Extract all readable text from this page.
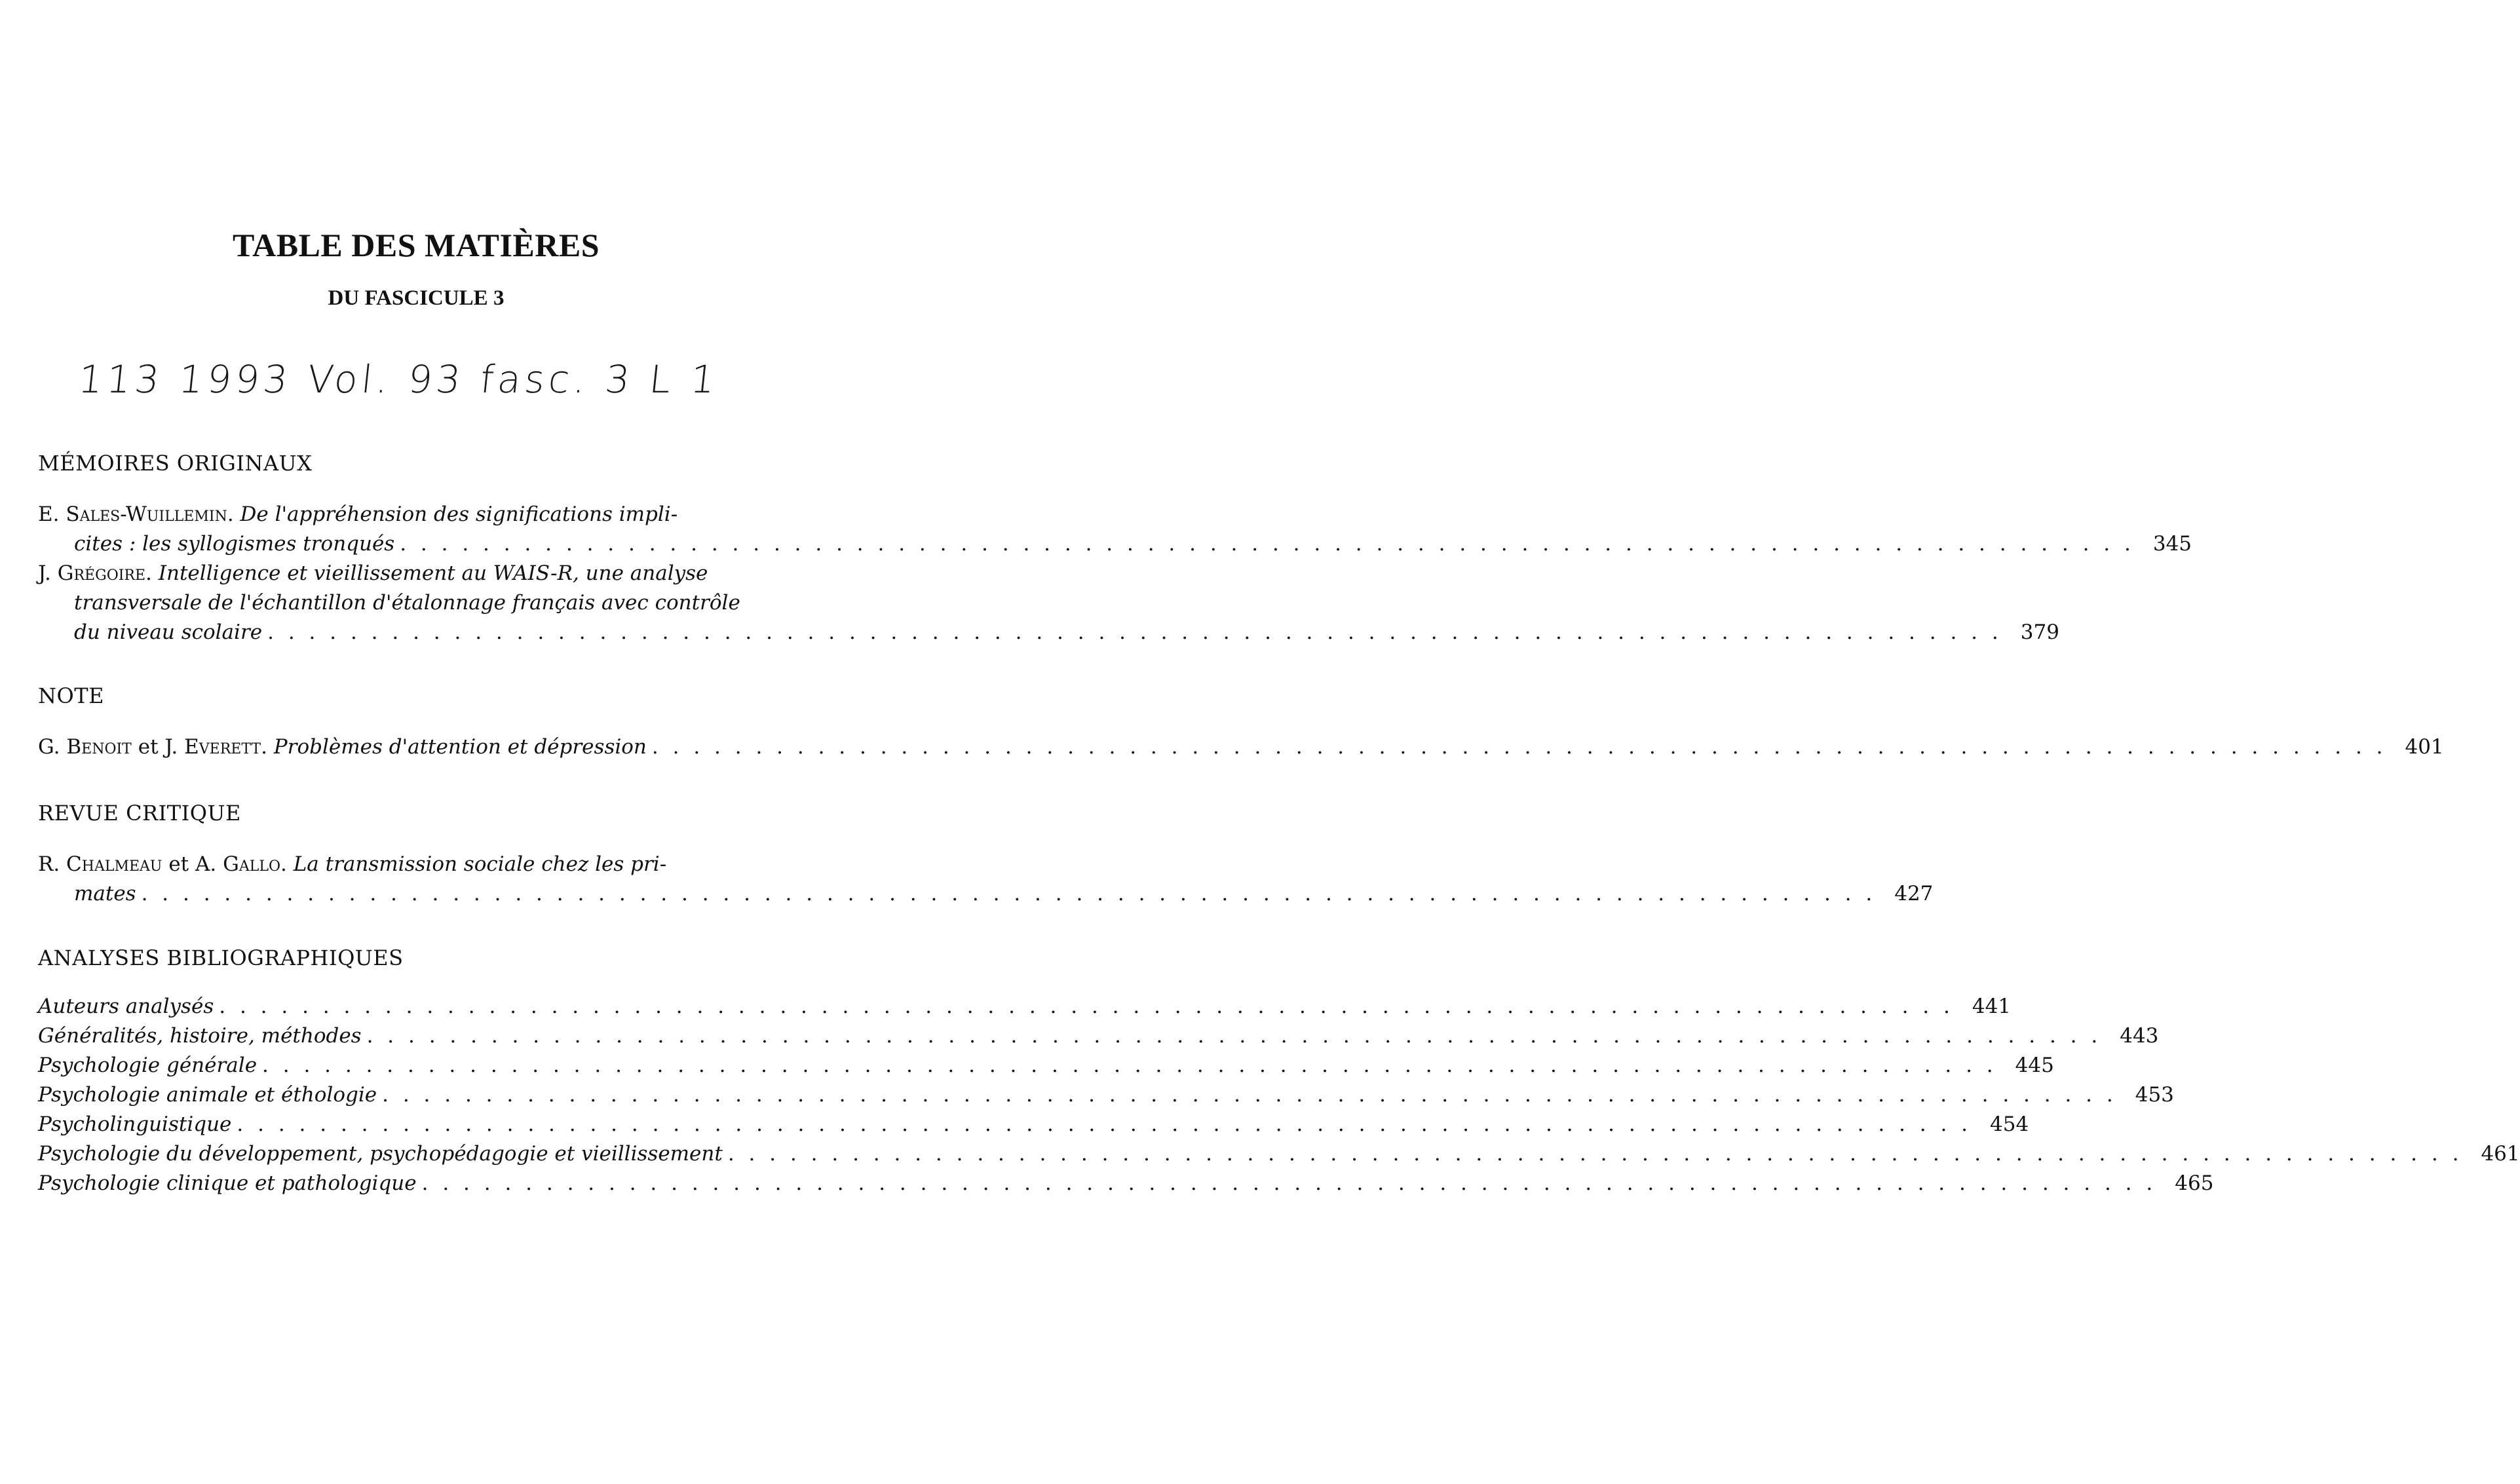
TABLE DES MATIÈRES
DU FASCICULE 3
113 1993 Vol. 93 fasc. 3 L 1
MÉMOIRES ORIGINAUX
E. Sales-Wuillemin. De l'appréhension des significations impli-
cites : les syllogismes tronqués . . . . . . . . . . . . . . . . . . . . . . . . . . . . . . . . . . . . . . . . . . . . . . . . . . . . . . . . . . . . . . . . . . . . . . . . . . . . . . . . . . . . 345
J. Grégoire. Intelligence et vieillissement au WAIS-R, une analyse
transversale de l'échantillon d'étalonnage français avec contrôle
du niveau scolaire . . . . . . . . . . . . . . . . . . . . . . . . . . . . . . . . . . . . . . . . . . . . . . . . . . . . . . . . . . . . . . . . . . . . . . . . . . . . . . . . . . . . 379
NOTE
G. Benoit et J. Everett. Problèmes d'attention et dépression . . . . . . . . . . . . . . . . . . . . . . . . . . . . . . . . . . . . . . . . . . . . . . . . . . . . . . . . . . . . . . . . . . . . . . . . . . . . . . . . . . . . 401
REVUE CRITIQUE
R. Chalmeau et A. Gallo. La transmission sociale chez les pri-
mates . . . . . . . . . . . . . . . . . . . . . . . . . . . . . . . . . . . . . . . . . . . . . . . . . . . . . . . . . . . . . . . . . . . . . . . . . . . . . . . . . . . . 427
ANALYSES BIBLIOGRAPHIQUES
Auteurs analysés . . . . . . . . . . . . . . . . . . . . . . . . . . . . . . . . . . . . . . . . . . . . . . . . . . . . . . . . . . . . . . . . . . . . . . . . . . . . . . . . . . . . 441
Généralités, histoire, méthodes . . . . . . . . . . . . . . . . . . . . . . . . . . . . . . . . . . . . . . . . . . . . . . . . . . . . . . . . . . . . . . . . . . . . . . . . . . . . . . . . . . . . 443
Psychologie générale . . . . . . . . . . . . . . . . . . . . . . . . . . . . . . . . . . . . . . . . . . . . . . . . . . . . . . . . . . . . . . . . . . . . . . . . . . . . . . . . . . . . 445
Psychologie animale et éthologie . . . . . . . . . . . . . . . . . . . . . . . . . . . . . . . . . . . . . . . . . . . . . . . . . . . . . . . . . . . . . . . . . . . . . . . . . . . . . . . . . . . . 453
Psycholinguistique . . . . . . . . . . . . . . . . . . . . . . . . . . . . . . . . . . . . . . . . . . . . . . . . . . . . . . . . . . . . . . . . . . . . . . . . . . . . . . . . . . . . 454
Psychologie du développement, psychopédagogie et vieillissement . . . . . . . . . . . . . . . . . . . . . . . . . . . . . . . . . . . . . . . . . . . . . . . . . . . . . . . . . . . . . . . . . . . . . . . . . . . . . . . . . . . . 461
Psychologie clinique et pathologique . . . . . . . . . . . . . . . . . . . . . . . . . . . . . . . . . . . . . . . . . . . . . . . . . . . . . . . . . . . . . . . . . . . . . . . . . . . . . . . . . . . . 465
